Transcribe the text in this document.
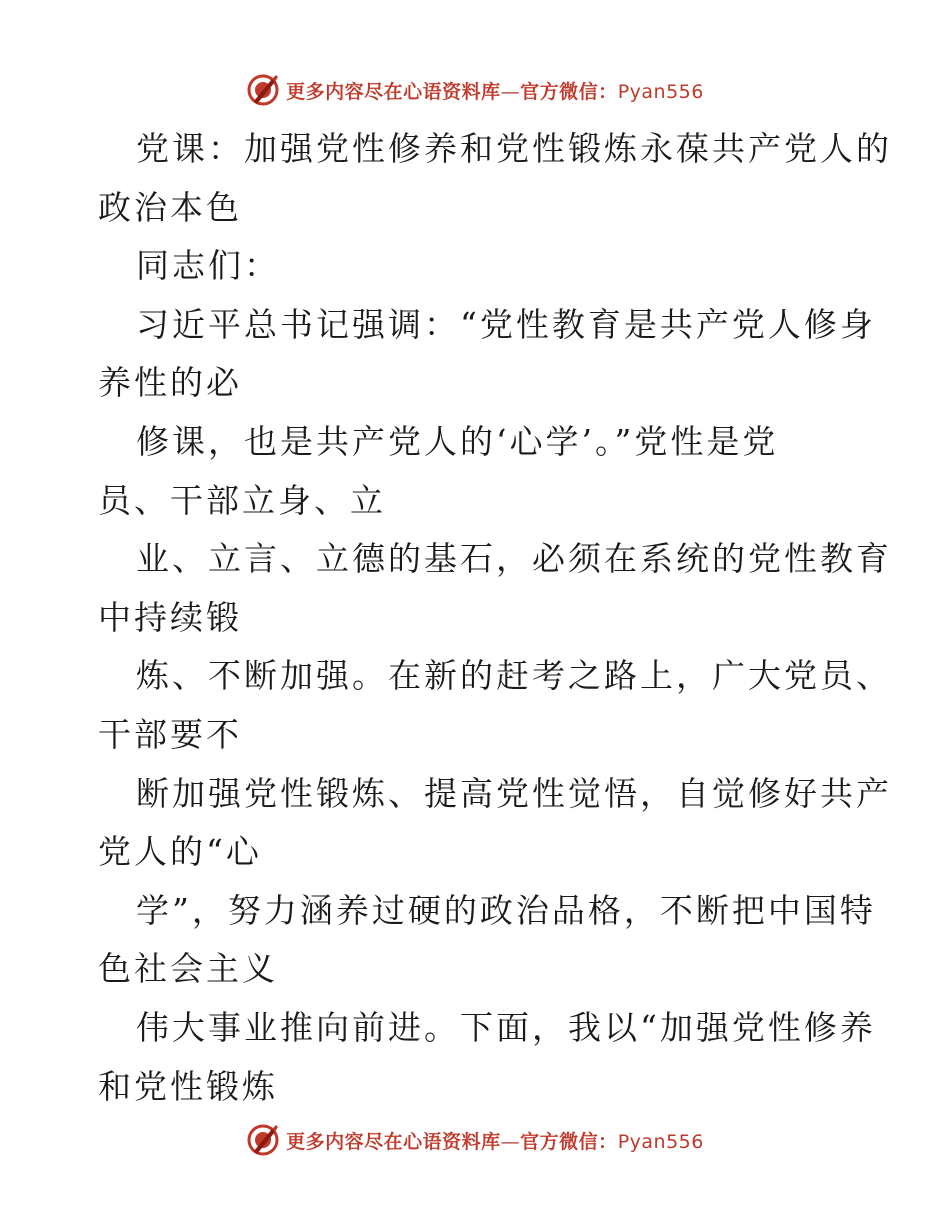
更多内容尽在心语资料库—官方微信：Pyan556
党课：加强党性修养和党性锻炼永葆共产党人的
政治本色
同志们：
习近平总书记强调：“党性教育是共产党人修身
养性的必
修课，也是共产党人的‘心学’。”党性是党
员、干部立身、立
业、立言、立德的基石，必须在系统的党性教育
中持续锻
炼、不断加强。在新的赶考之路上，广大党员、
干部要不
断加强党性锻炼、提高党性觉悟，自觉修好共产
党人的“心
学”，努力涵养过硬的政治品格，不断把中国特
色社会主义
伟大事业推向前进。下面，我以“加强党性修养
和党性锻炼
更多内容尽在心语资料库—官方微信：Pyan556
